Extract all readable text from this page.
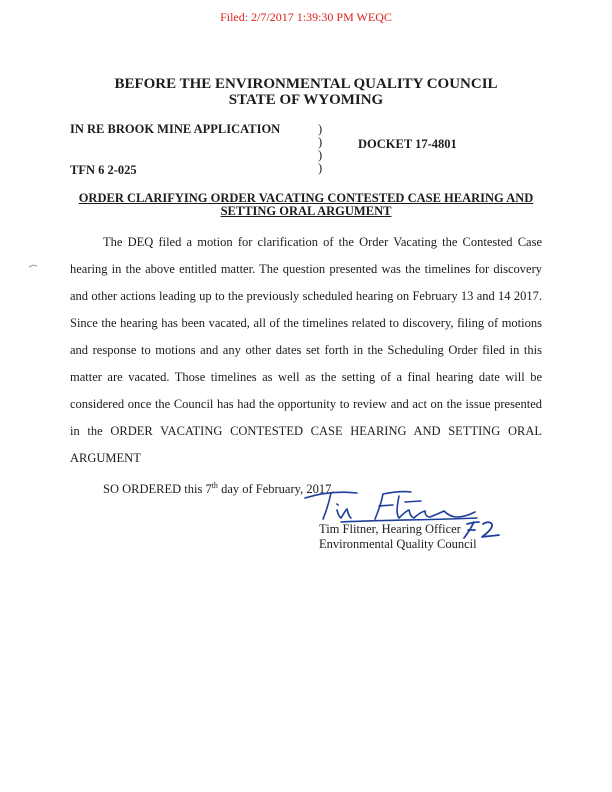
Filed: 2/7/2017 1:39:30 PM WEQC
BEFORE THE ENVIRONMENTAL QUALITY COUNCIL
STATE OF WYOMING
IN RE BROOK MINE APPLICATION
TFN 6 2-025
DOCKET 17-4801
)
)
)
)
ORDER CLARIFYING ORDER VACATING CONTESTED CASE HEARING AND
SETTING ORAL ARGUMENT

The DEQ filed a motion for clarification of the Order Vacating the Contested Case hearing in the above entitled matter. The question presented was the timelines for discovery and other actions leading up to the previously scheduled hearing on February 13 and 14 2017. Since the hearing has been vacated, all of the timelines related to discovery, filing of motions and response to motions and any other dates set forth in the Scheduling Order filed in this matter are vacated. Those timelines as well as the setting of a final hearing date will be considered once the Council has had the opportunity to review and act on the issue presented in the ORDER VACATING CONTESTED CASE HEARING AND SETTING ORAL ARGUMENT

SO ORDERED this 7th day of February, 2017.

Tim Flitner, Hearing Officer
Environmental Quality Council
